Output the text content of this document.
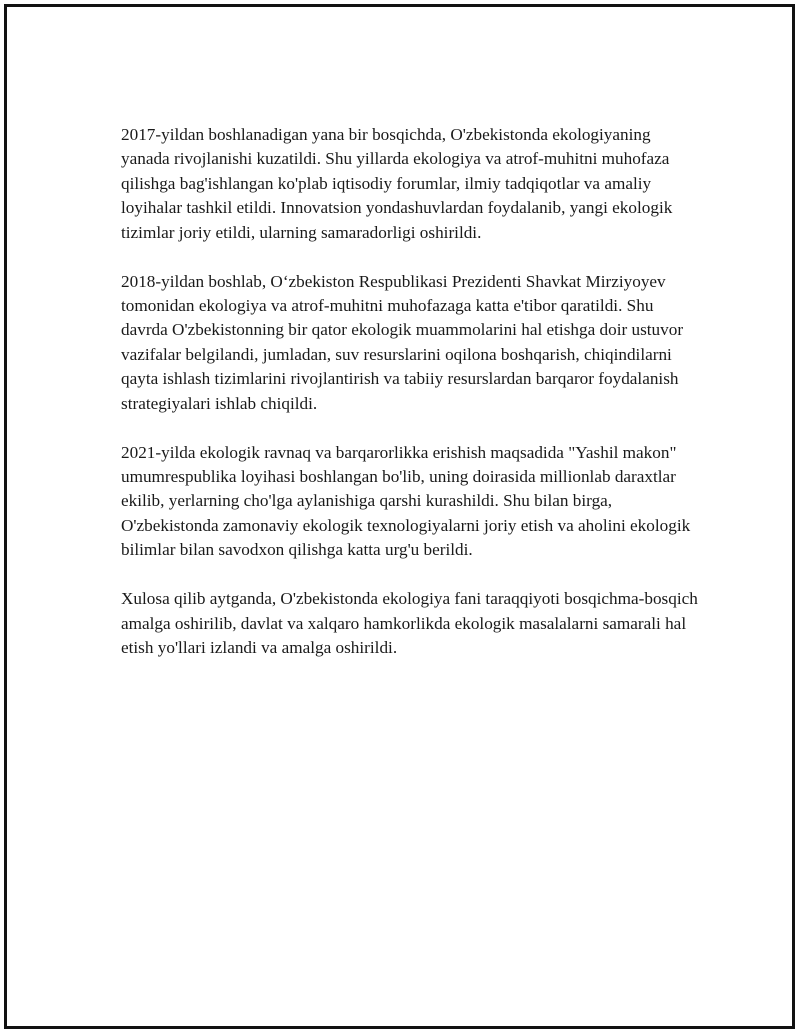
2017-yildan boshlanadigan yana bir bosqichda, O'zbekistonda ekologiyaning yanada rivojlanishi kuzatildi. Shu yillarda ekologiya va atrof-muhitni muhofaza qilishga bag'ishlangan ko'plab iqtisodiy forumlar, ilmiy tadqiqotlar va amaliy loyihalar tashkil etildi. Innovatsion yondashuvlardan foydalanib, yangi ekologik tizimlar joriy etildi, ularning samaradorligi oshirildi.

2018-yildan boshlab, O‘zbekiston Respublikasi Prezidenti Shavkat Mirziyoyev tomonidan ekologiya va atrof-muhitni muhofazaga katta e'tibor qaratildi. Shu davrda O'zbekistonning bir qator ekologik muammolarini hal etishga doir ustuvor vazifalar belgilandi, jumladan, suv resurslarini oqilona boshqarish, chiqindilarni qayta ishlash tizimlarini rivojlantirish va tabiiy resurslardan barqaror foydalanish strategiyalari ishlab chiqildi.

2021-yilda ekologik ravnaq va barqarorlikka erishish maqsadida "Yashil makon" umumrespublika loyihasi boshlangan bo'lib, uning doirasida millionlab daraxtlar ekilib, yerlarning cho'lga aylanishiga qarshi kurashildi. Shu bilan birga, O'zbekistonda zamonaviy ekologik texnologiyalarni joriy etish va aholini ekologik bilimlar bilan savodxon qilishga katta urg'u berildi.

Xulosa qilib aytganda, O'zbekistonda ekologiya fani taraqqiyoti bosqichma-bosqich amalga oshirilib, davlat va xalqaro hamkorlikda ekologik masalalarni samarali hal etish yo'llari izlandi va amalga oshirildi.
